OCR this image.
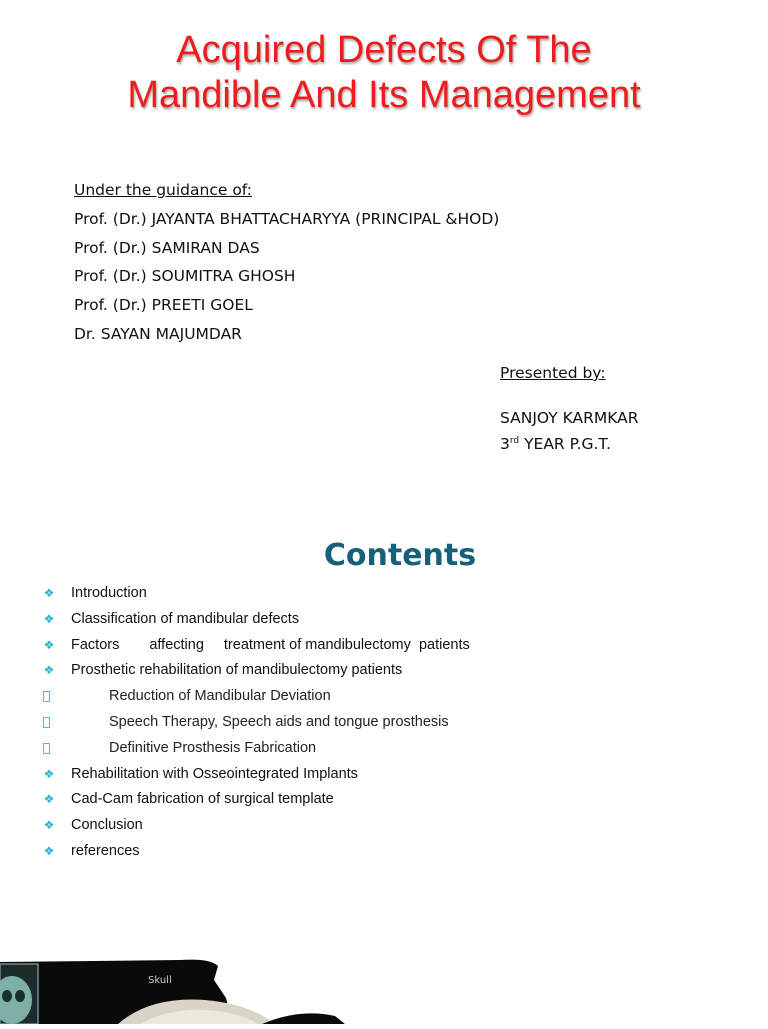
Acquired Defects Of The
Mandible And Its Management
Under the guidance of:
Prof. (Dr.) JAYANTA BHATTACHARYYA (PRINCIPAL &HOD)
Prof. (Dr.) SAMIRAN DAS
Prof. (Dr.) SOUMITRA GHOSH
Prof. (Dr.) PREETI GOEL
Dr. SAYAN MAJUMDAR
Presented by:
SANJOY KARMKAR
3rd YEAR P.G.T.
Contents

❖

Introduction

❖

Classification of mandibular defects

❖

Factors affecting treatment of mandibulectomy  patients

❖

Prosthetic rehabilitation of mandibulectomy patients

Reduction of Mandibular Deviation

Speech Therapy, Speech aids and tongue prosthesis

Definitive Prosthesis Fabrication

❖

Rehabilitation with Osseointegrated Implants

❖

Cad-Cam fabrication of surgical template

❖

Conclusion

❖

references

Skull
